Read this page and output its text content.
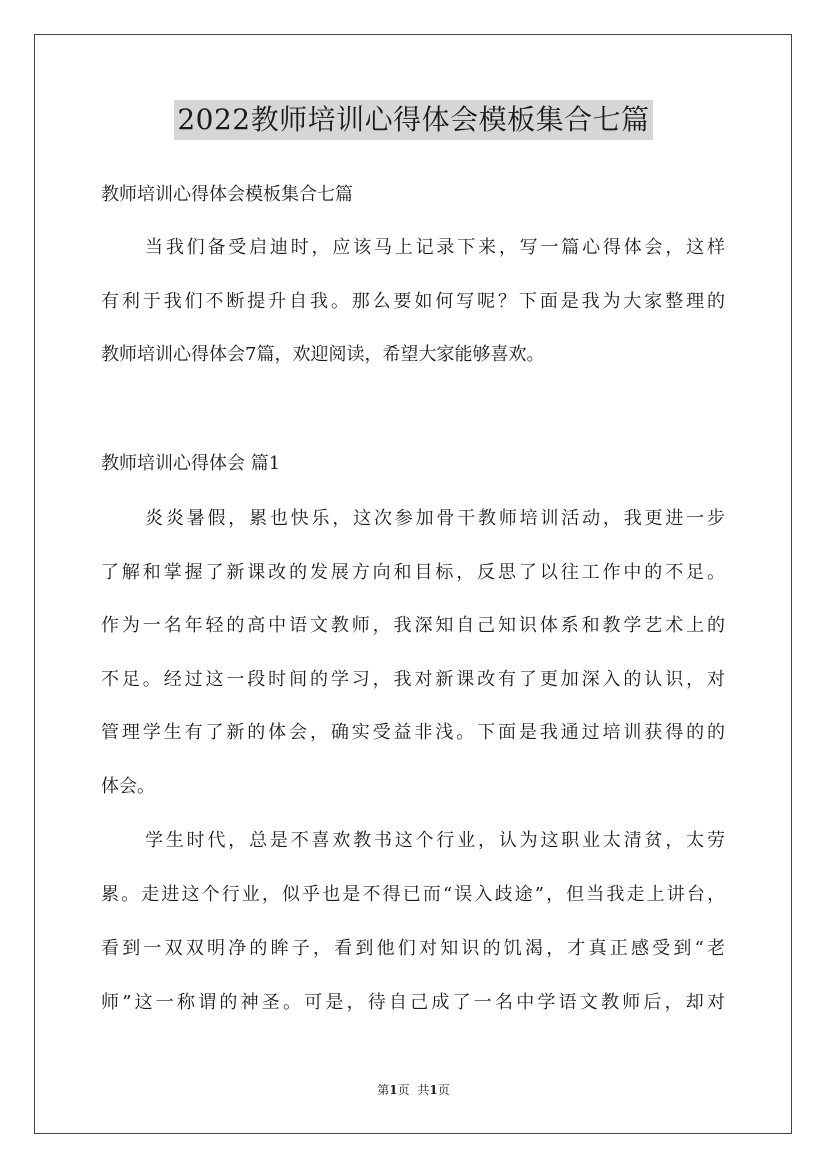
2022教师培训心得体会模板集合七篇
教师培训心得体会模板集合七篇
当我们备受启迪时，应该马上记录下来，写一篇心得体会，这样
有利于我们不断提升自我。那么要如何写呢？下面是我为大家整理的
教师培训心得体会7篇，欢迎阅读，希望大家能够喜欢。
教师培训心得体会 篇1
炎炎暑假，累也快乐，这次参加骨干教师培训活动，我更进一步
了解和掌握了新课改的发展方向和目标，反思了以往工作中的不足。
作为一名年轻的高中语文教师，我深知自己知识体系和教学艺术上的
不足。经过这一段时间的学习，我对新课改有了更加深入的认识，对
管理学生有了新的体会，确实受益非浅。下面是我通过培训获得的的
体会。
学生时代，总是不喜欢教书这个行业，认为这职业太清贫，太劳
累。走进这个行业，似乎也是不得已而“误入歧途”，但当我走上讲台，
看到一双双明净的眸子，看到他们对知识的饥渴，才真正感受到“老
师”这一称谓的神圣。可是，待自己成了一名中学语文教师后，却对
第1页 共1页
